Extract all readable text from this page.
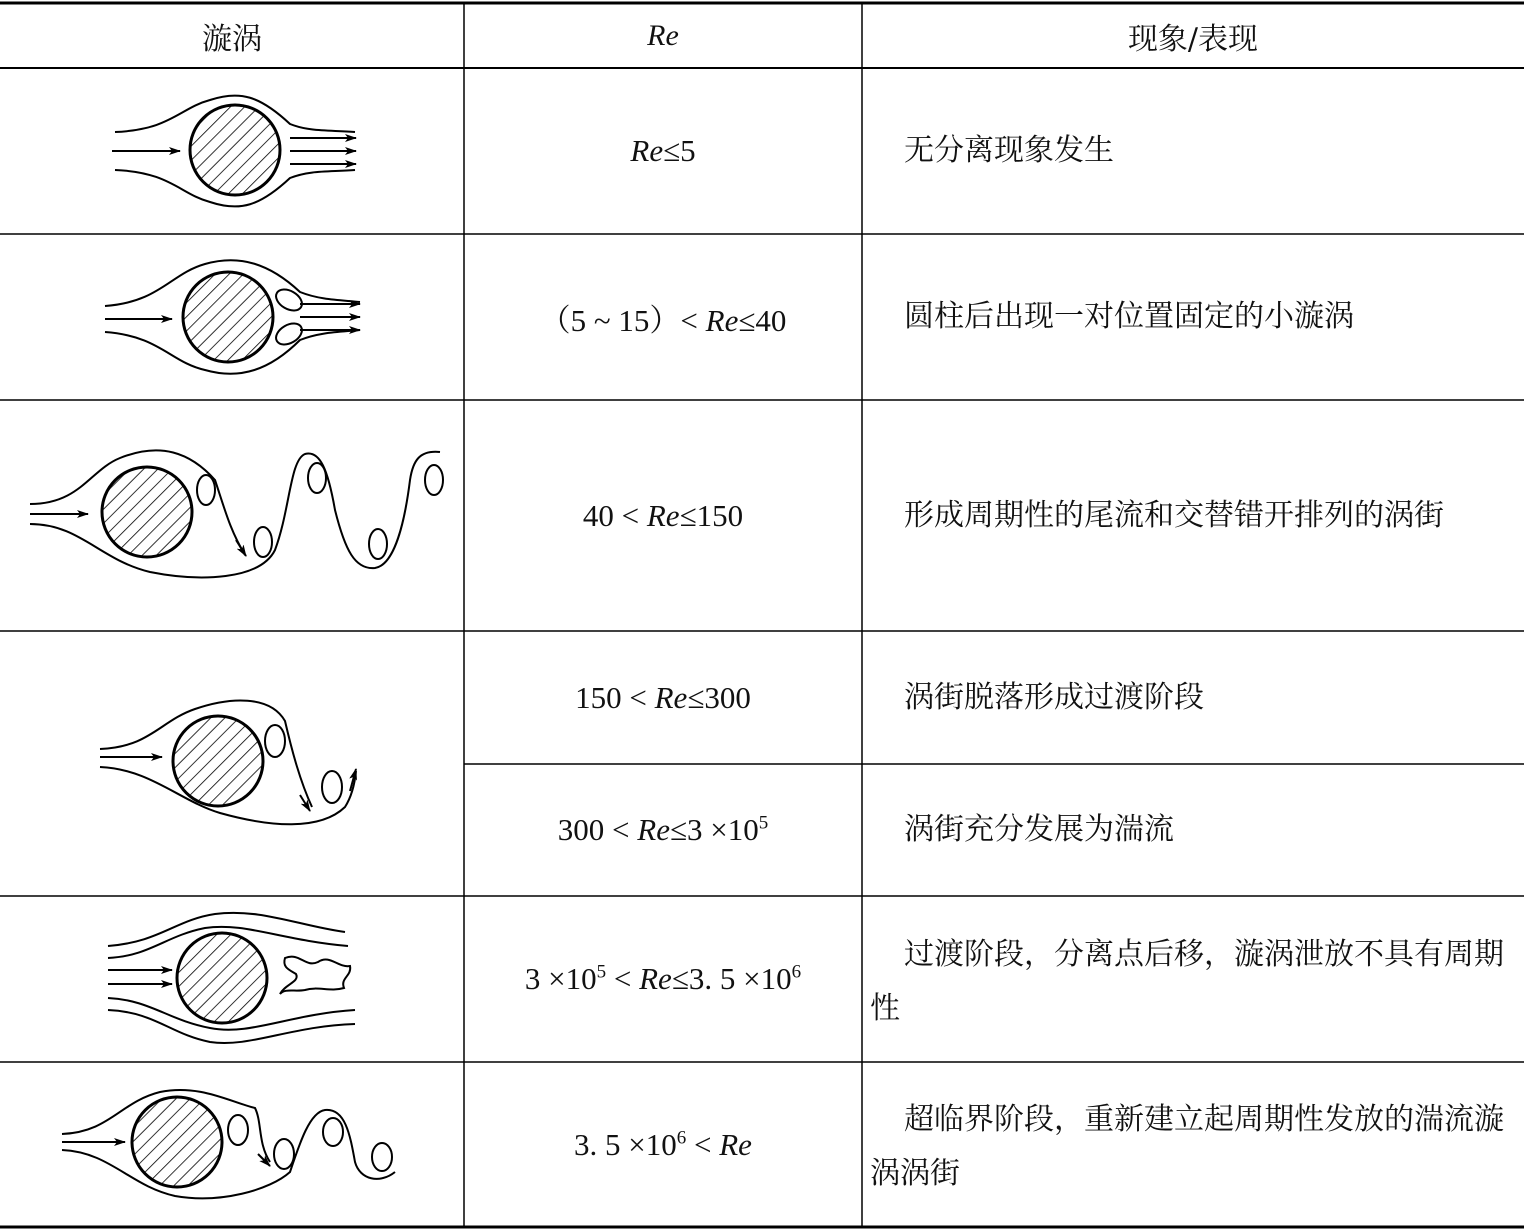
漩涡	Re	现象/表现
Re≤5
（5 ~ 15）< Re≤40
40 < Re≤150
150 < Re≤300
$300 < Re\le 3 \times 10^5$
$3 \times 10^5 < Re\le 3$. $5 \times 10^6$
3. $5 \times 10^6 < Re$
无分离现象发生
圆柱后出现一对位置固定的小漩涡
形成周期性的尾流和交替错开排列的涡街
涡街脱落形成过渡阶段
涡街充分发展为湍流
过渡阶段，分离点后移，漩涡泄放不具有周期性
超临界阶段，重新建立起周期性发放的湍流漩涡涡街
